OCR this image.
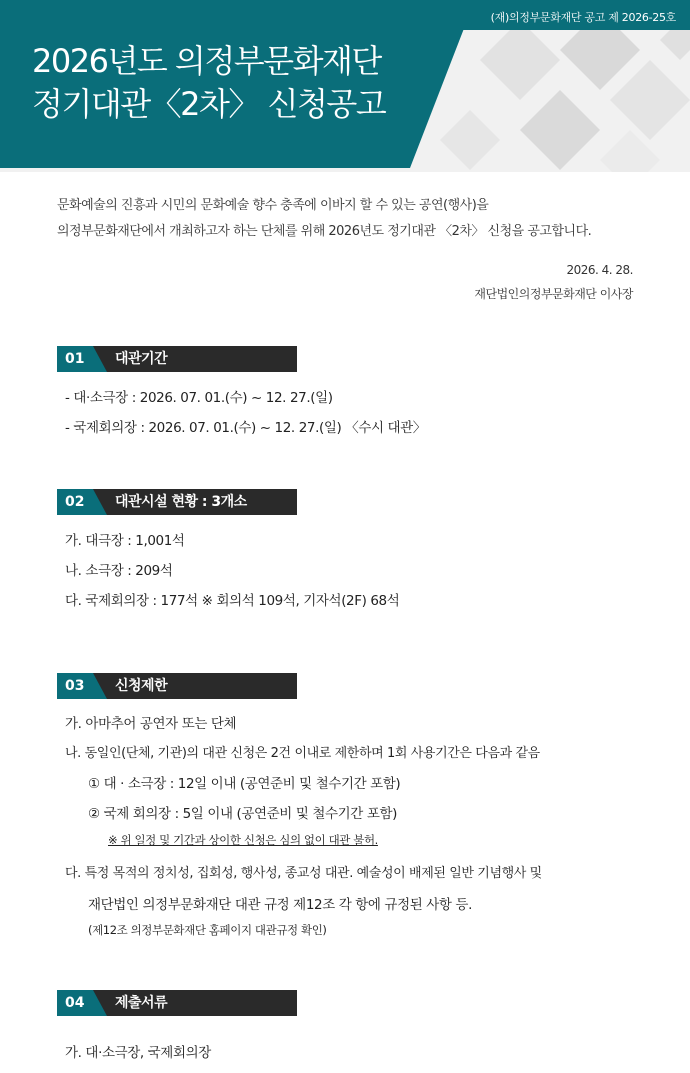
(재)의정부문화재단 공고 제 2026-25호
2026년도 의정부문화재단
정기대관〈2차〉 신청공고
문화예술의 진흥과 시민의 문화예술 향수 충족에 이바지 할 수 있는 공연(행사)을
의정부문화재단에서 개최하고자 하는 단체를 위해 2026년도 정기대관 〈2차〉 신청을 공고합니다.
2026. 4. 28.
재단법인의정부문화재단 이사장
01 대관기간
- 대·소극장 : 2026. 07. 01.(수) ~ 12. 27.(일)
- 국제회의장 : 2026. 07. 01.(수) ~ 12. 27.(일) 〈수시 대관〉
02 대관시설 현황 : 3개소
가. 대극장 : 1,001석
나. 소극장 : 209석
다. 국제회의장 : 177석 ※ 회의석 109석, 기자석(2F) 68석
03 신청제한
가. 아마추어 공연자 또는 단체
나. 동일인(단체, 기관)의 대관 신청은 2건 이내로 제한하며 1회 사용기간은 다음과 같음
① 대 · 소극장 : 12일 이내 (공연준비 및 철수기간 포함)
② 국제 회의장 : 5일 이내 (공연준비 및 철수기간 포함)
※ 위 일정 및 기간과 상이한 신청은 심의 없이 대관 불허.
다. 특정 목적의 정치성, 집회성, 행사성, 종교성 대관. 예술성이 배제된 일반 기념행사 및
재단법인 의정부문화재단 대관 규정 제12조 각 항에 규정된 사항 등.
(제12조 의정부문화재단 홈페이지 대관규정 확인)
04 제출서류
가. 대·소극장, 국제회의장
